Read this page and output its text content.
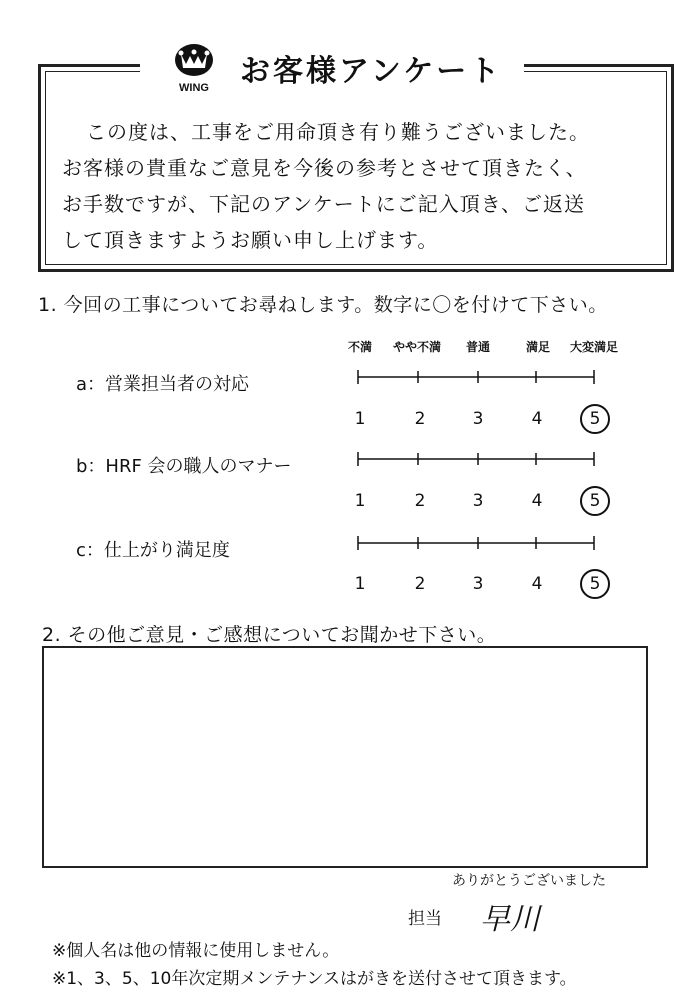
WING お客様アンケート
この度は、工事をご用命頂き有り難うございました。
お客様の貴重なご意見を今後の参考とさせて頂きたく、
お手数ですが、下記のアンケートにご記入頂き、ご返送
して頂きますようお願い申し上げます。
1. 今回の工事についてお尋ねします。数字に〇を付けて下さい。
不満 やや不満 普通	満足 大変満足
a：営業担当者の対応
1	2	3	4	5
b：HRF 会の職人のマナー
1	2	3	4	5
c：仕上がり満足度
1	2	3	4	5
2. その他ご意見・ご感想についてお聞かせ下さい。
ありがとうございました
担当 早川
※個人名は他の情報に使用しません。
※1、3、5、10年次定期メンテナンスはがきを送付させて頂きます。
